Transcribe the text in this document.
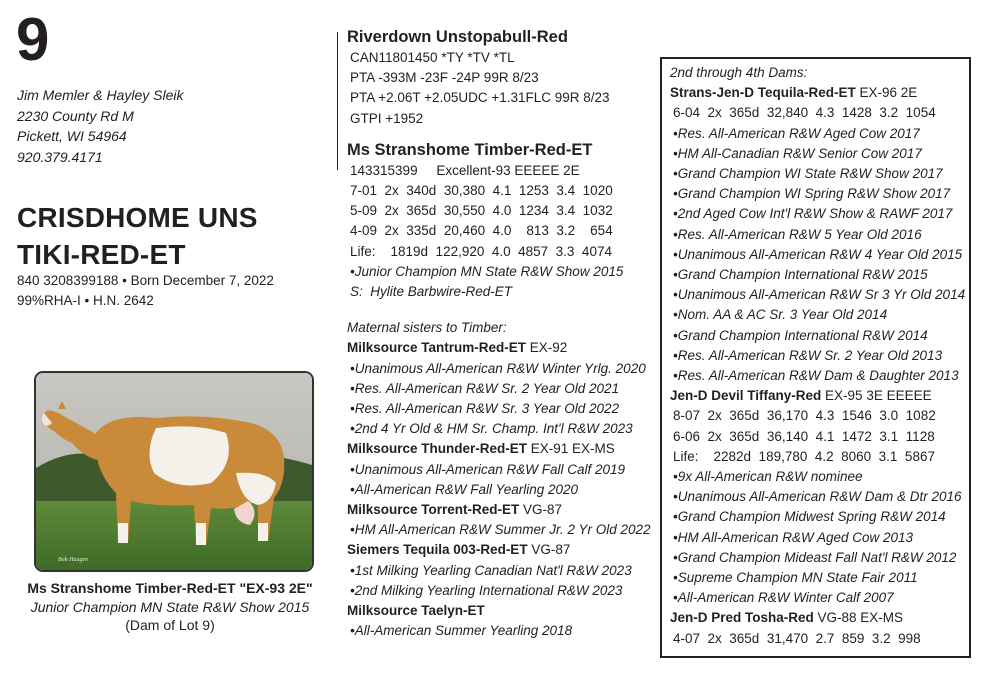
9
Jim Memler & Hayley Sleik
2230 County Rd M
Pickett, WI 54964
920.379.4171
CRISDHOME UNS
TIKI-RED-ET
840 3208399188 • Born December 7, 2022
99%RHA-I • H.N. 2642
Bob Haugen
Ms Stranshome Timber-Red-ET "EX-93 2E"
Junior Champion MN State R&W Show 2015
(Dam of Lot 9)
Riverdown Unstopabull-Red
CAN11801450 *TY *TV *TL
PTA -393M -23F -24P 99R 8/23
PTA +2.06T +2.05UDC +1.31FLC 99R 8/23
GTPI +1952
Ms Stranshome Timber-Red-ET
143315399     Excellent-93 EEEEE 2E
7-01  2x  340d  30,380  4.1  1253  3.4  1020
5-09  2x  365d  30,550  4.0  1234  3.4  1032
4-09  2x  335d  20,460  4.0    813  3.2    654
Life:    1819d  122,920  4.0  4857  3.3  4074
•Junior Champion MN State R&W Show 2015
S:  Hylite Barbwire-Red-ET
Maternal sisters to Timber:
Milksource Tantrum-Red-ET EX-92
•Unanimous All-American R&W Winter Yrlg. 2020
•Res. All-American R&W Sr. 2 Year Old 2021
•Res. All-American R&W Sr. 3 Year Old 2022
•2nd 4 Yr Old & HM Sr. Champ. Int'l R&W 2023
Milksource Thunder-Red-ET EX-91 EX-MS
•Unanimous All-American R&W Fall Calf 2019
•All-American R&W Fall Yearling 2020
Milksource Torrent-Red-ET VG-87
•HM All-American R&W Summer Jr. 2 Yr Old 2022
Siemers Tequila 003-Red-ET VG-87
•1st Milking Yearling Canadian Nat'l R&W 2023
•2nd Milking Yearling International R&W 2023
Milksource Taelyn-ET
•All-American Summer Yearling 2018
2nd through 4th Dams:
Strans-Jen-D Tequila-Red-ET EX-96 2E
6-04  2x  365d  32,840  4.3  1428  3.2  1054
•Res. All-American R&W Aged Cow 2017
•HM All-Canadian R&W Senior Cow 2017
•Grand Champion WI State R&W Show 2017
•Grand Champion WI Spring R&W Show 2017
•2nd Aged Cow Int'l R&W Show & RAWF 2017
•Res. All-American R&W 5 Year Old 2016
•Unanimous All-American R&W 4 Year Old 2015
•Grand Champion International R&W 2015
•Unanimous All-American R&W Sr 3 Yr Old 2014
•Nom. AA & AC Sr. 3 Year Old 2014
•Grand Champion International R&W 2014
•Res. All-American R&W Sr. 2 Year Old 2013
•Res. All-American R&W Dam & Daughter 2013
Jen-D Devil Tiffany-Red EX-95 3E EEEEE
8-07  2x  365d  36,170  4.3  1546  3.0  1082
6-06  2x  365d  36,140  4.1  1472  3.1  1128
Life:    2282d  189,780  4.2  8060  3.1  5867
•9x All-American R&W nominee
•Unanimous All-American R&W Dam & Dtr 2016
•Grand Champion Midwest Spring R&W 2014
•HM All-American R&W Aged Cow 2013
•Grand Champion Mideast Fall Nat'l R&W 2012
•Supreme Champion MN State Fair 2011
•All-American R&W Winter Calf 2007
Jen-D Pred Tosha-Red VG-88 EX-MS
4-07  2x  365d  31,470  2.7  859  3.2  998
